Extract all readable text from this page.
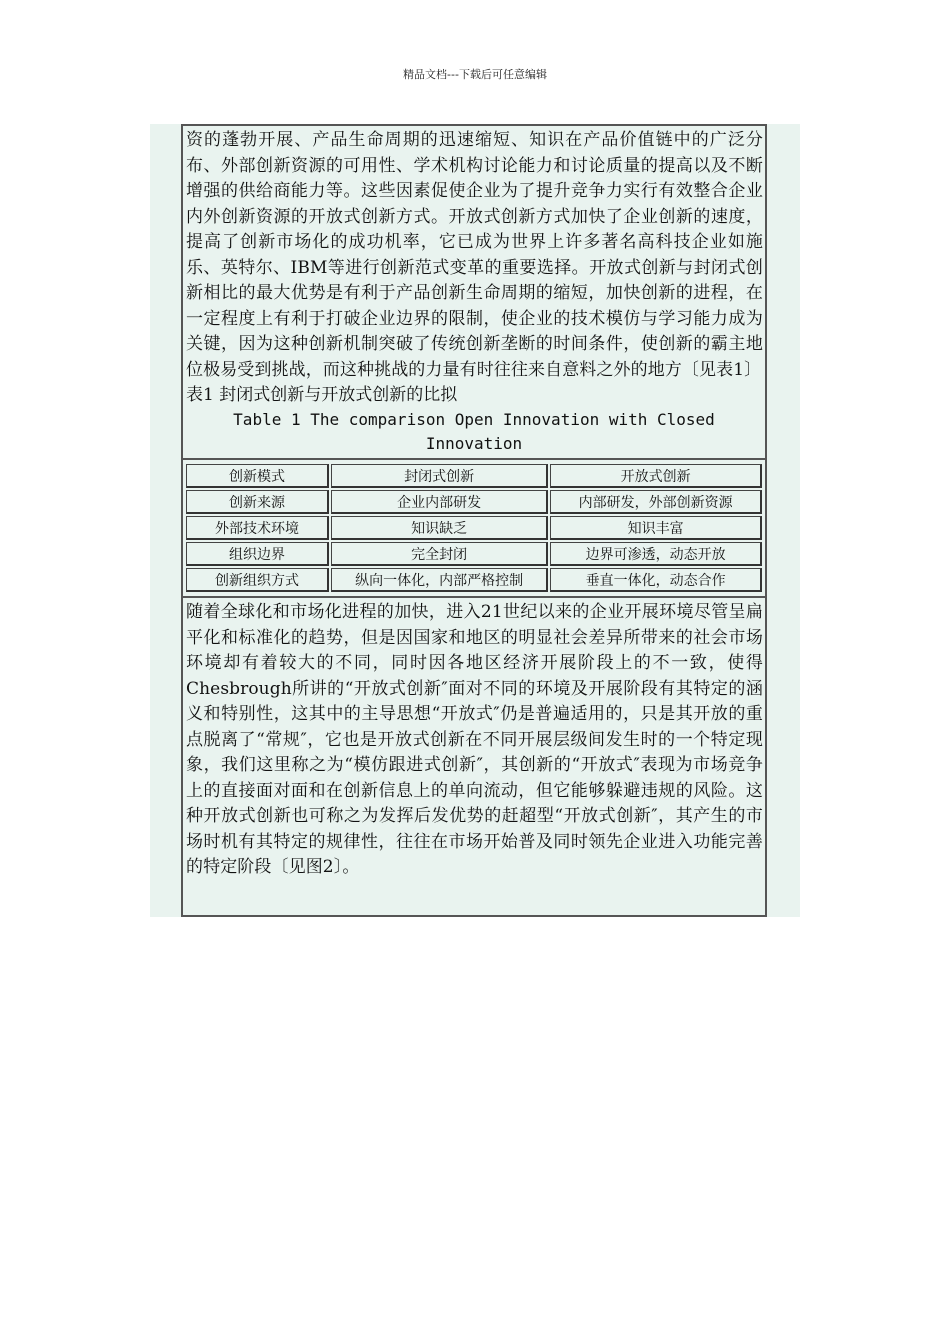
精品文档---下载后可任意编辑
资的蓬勃开展、产品生命周期的迅速缩短、知识在产品价值链中的广泛分布、外部创新资源的可用性、学术机构讨论能力和讨论质量的提高以及不断增强的供给商能力等。这些因素促使企业为了提升竞争力实行有效整合企业内外创新资源的开放式创新方式。开放式创新方式加快了企业创新的速度，提高了创新市场化的成功机率，它已成为世界上许多著名高科技企业如施乐、英特尔、IBM等进行创新范式变革的重要选择。开放式创新与封闭式创新相比的最大优势是有利于产品创新生命周期的缩短，加快创新的进程，在一定程度上有利于打破企业边界的限制，使企业的技术模仿与学习能力成为关键，因为这种创新机制突破了传统创新垄断的时间条件，使创新的霸主地位极易受到挑战，而这种挑战的力量有时往往来自意料之外的地方〔见表1〕
表1 封闭式创新与开放式创新的比拟
Table 1 The comparison Open Innovation with Closed Innovation
创新模式	封闭式创新	开放式创新
创新来源	企业内部研发	内部研发，外部创新资源
外部技术环境	知识缺乏	知识丰富
组织边界	完全封闭	边界可渗透，动态开放
创新组织方式	纵向一体化，内部严格控制	垂直一体化，动态合作
随着全球化和市场化进程的加快，进入21世纪以来的企业开展环境尽管呈扁平化和标准化的趋势，但是因国家和地区的明显社会差异所带来的社会市场环境却有着较大的不同，同时因各地区经济开展阶段上的不一致，使得Chesbrough所讲的“开放式创新″面对不同的环境及开展阶段有其特定的涵义和特别性，这其中的主导思想“开放式″仍是普遍适用的，只是其开放的重点脱离了“常规″，它也是开放式创新在不同开展层级间发生时的一个特定现象，我们这里称之为“模仿跟进式创新″，其创新的“开放式″表现为市场竞争上的直接面对面和在创新信息上的单向流动，但它能够躲避违规的风险。这种开放式创新也可称之为发挥后发优势的赶超型“开放式创新″，其产生的市场时机有其特定的规律性，往往在市场开始普及同时领先企业进入功能完善的特定阶段〔见图2〕。
